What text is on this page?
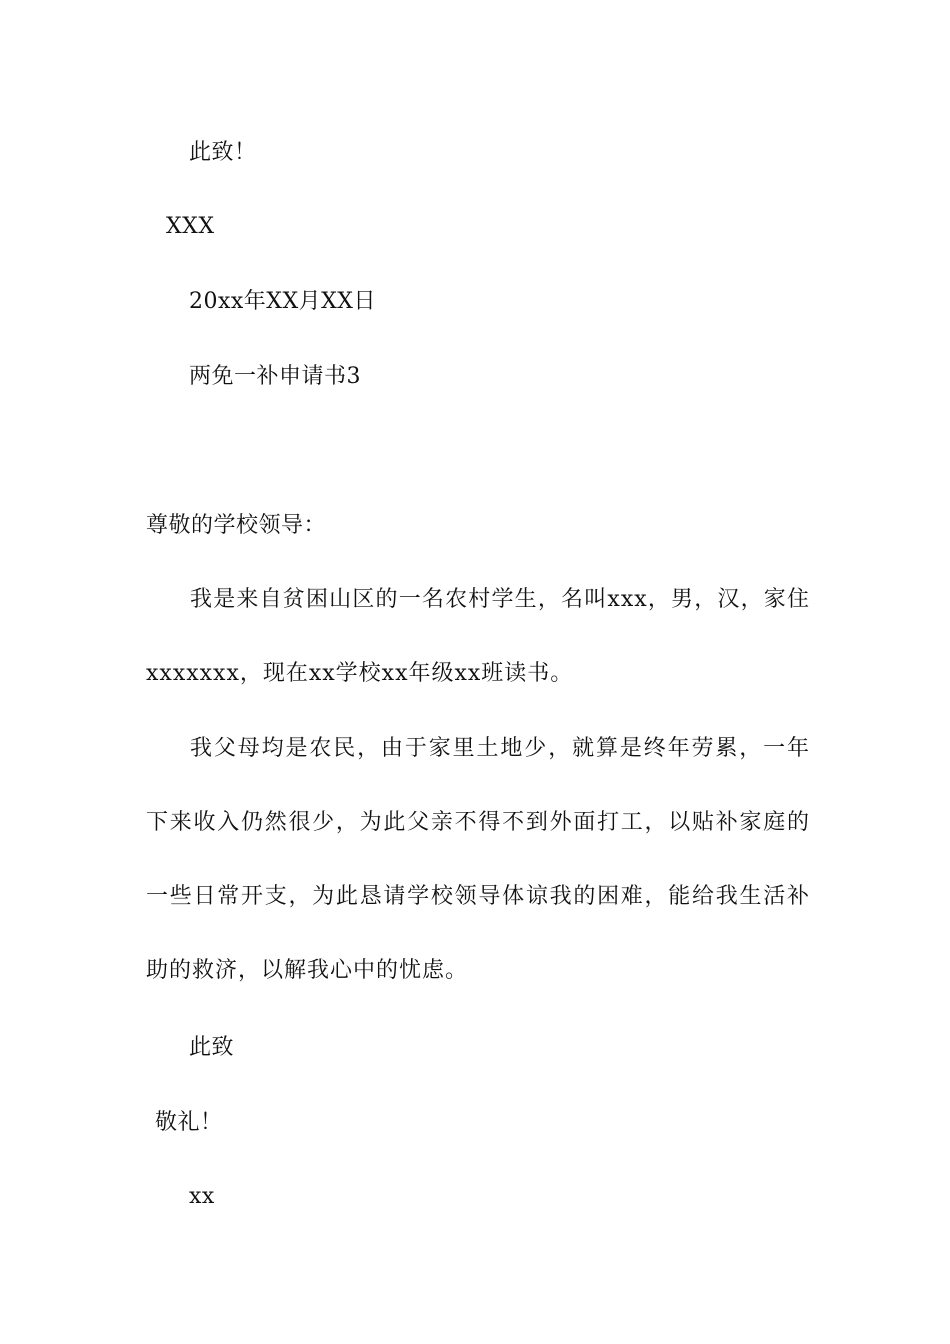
此致！
XXX
20xx年XX月XX日
两免一补申请书3
尊敬的学校领导：

我是来自贫困山区的一名农村学生，名叫xxx，男，汉，家住xxxxxxx，现在xx学校xx年级xx班读书。

我父母均是农民，由于家里土地少，就算是终年劳累，一年下来收入仍然很少，为此父亲不得不到外面打工，以贴补家庭的一些日常开支，为此恳请学校领导体谅我的困难，能给我生活补助的救济，以解我心中的忧虑。

此致
敬礼！
xx
